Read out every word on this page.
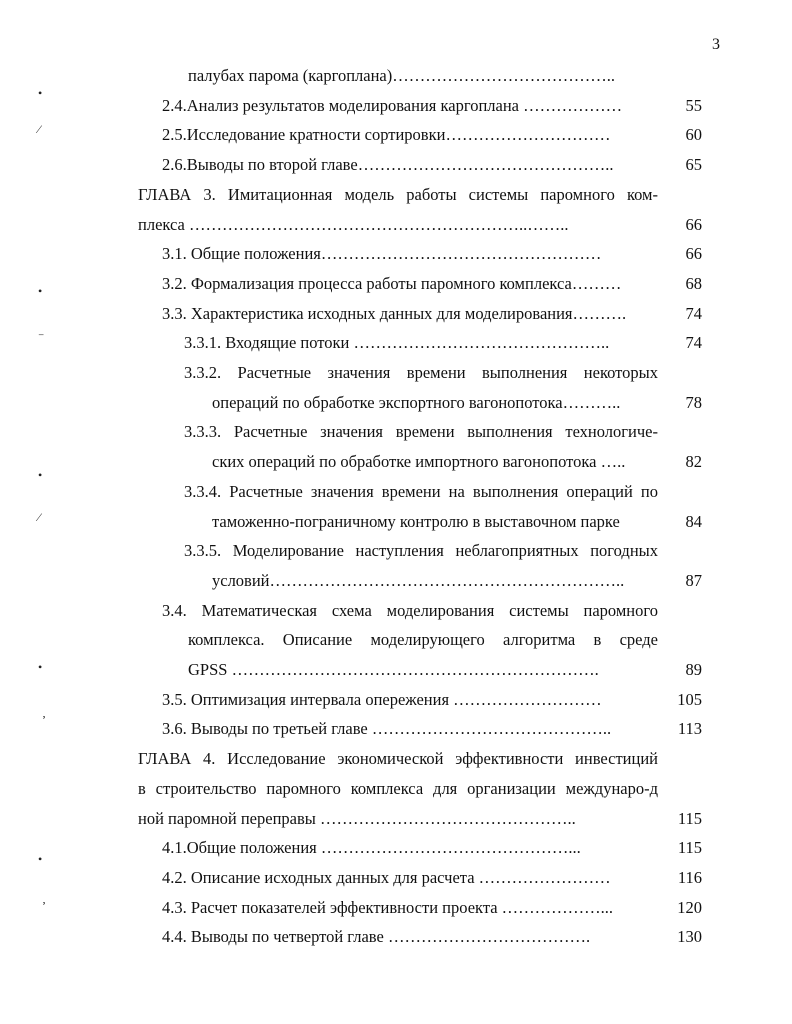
3
палубах парома (каргоплана)…………………………………..
2.4.Анализ результатов моделирования каргоплана ………………	55
2.5.Исследование кратности сортировки…………………………	60
2.6.Выводы по второй главе………………………………………..	65
ГЛАВА 3. Имитационная модель работы системы паромного ком-
плекса ……………………………………………………..……..	66
3.1. Общие положения……………………………………………	66
3.2. Формализация процесса работы паромного комплекса………	68
3.3. Характеристика исходных данных для моделирования……….	74
3.3.1. Входящие потоки ………………………………………..	74
3.3.2. Расчетные значения времени выполнения некоторых
операций по обработке экспортного вагонопотока………..	78
3.3.3. Расчетные значения времени выполнения технологиче-
ских операций по обработке импортного вагонопотока …..	82
3.3.4. Расчетные значения времени на выполнения операций по
таможенно-пограничному контролю в выставочном парке	84
3.3.5. Моделирование наступления неблагоприятных погодных
условий………………………………………………………..	87
3.4. Математическая схема моделирования системы паромного
комплекса. Описание моделирующего алгоритма в среде
GPSS ………………………………………………………….	89
3.5. Оптимизация интервала опережения ………………………	105
3.6. Выводы по третьей главе ……………………………………..	113
ГЛАВА 4. Исследование экономической эффективности инвестиций
в строительство паромного комплекса для организации междунаро-д
ной паромной переправы ………………………………………..	115
4.1.Общие положения ………………………………………...	115
4.2. Описание исходных данных для расчета ……………………	116
4.3. Расчет показателей эффективности проекта ………………...	120
4.4. Выводы по четвертой главе ……………………………….	130
•
⁄
•
⁻
•
⁄
•
‚
•
‚
